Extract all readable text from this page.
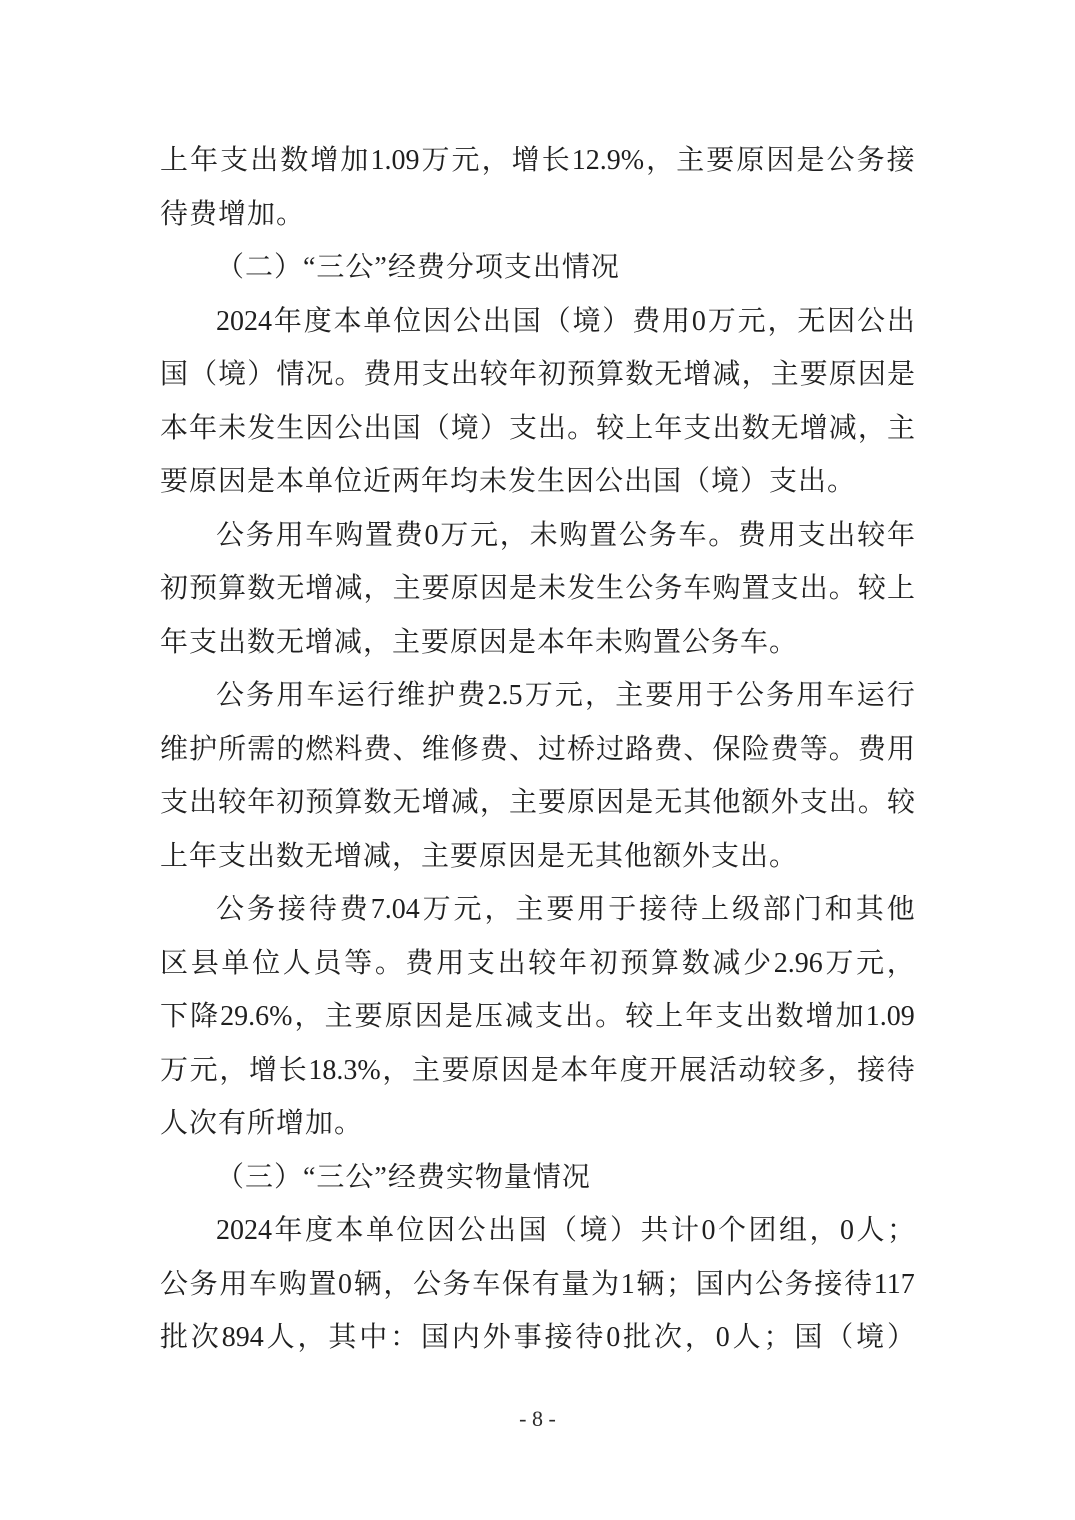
上 年 支 出 数 增 加 1.09 万 元 ， 增 长 12.9% ， 主 要 原 因 是 公 务 接
待费增加。
（二）“三公”经费分项支出情况
2024 年 度 本 单 位 因 公 出 国 （ 境 ） 费 用 0 万 元 ， 无 因 公 出
国 （ 境 ） 情 况 。 费 用 支 出 较 年 初 预 算 数 无 增 减 ， 主 要 原 因 是
本 年 未 发 生 因 公 出 国 （ 境 ） 支 出 。 较 上 年 支 出 数 无 增 减 ， 主
要原因是本单位近两年均未发生因公出国（境）支出。
公 务 用 车 购 置 费 0 万 元 ， 未 购 置 公 务 车 。 费 用 支 出 较 年
初 预 算 数 无 增 减 ， 主 要 原 因 是 未 发 生 公 务 车 购 置 支 出 。 较 上
年支出数无增减，主要原因是本年未购置公务车。
公 务 用 车 运 行 维 护 费 2.5 万 元 ， 主 要 用 于 公 务 用 车 运 行
维 护 所 需 的 燃 料 费 、 维 修 费 、 过 桥 过 路 费 、 保 险 费 等 。 费 用
支 出 较 年 初 预 算 数 无 增 减 ， 主 要 原 因 是 无 其 他 额 外 支 出 。 较
上年支出数无增减，主要原因是无其他额外支出。
公 务 接 待 费 7.04 万 元 ， 主 要 用 于 接 待 上 级 部 门 和 其 他
区 县 单 位 人 员 等 。 费 用 支 出 较 年 初 预 算 数 减 少 2.96 万 元 ，
下 降 29.6% ， 主 要 原 因 是 压 减 支 出 。 较 上 年 支 出 数 增 加 1.09
万 元 ， 增 长 18.3% ， 主 要 原 因 是 本 年 度 开 展 活 动 较 多 ， 接 待
人次有所增加。
（三）“三公”经费实物量情况
2024 年 度 本 单 位 因 公 出 国 （ 境 ） 共 计 0 个 团 组 ， 0 人 ；
公 务 用 车 购 置 0 辆 ， 公 务 车 保 有 量 为 1 辆 ； 国 内 公 务 接 待 117
批 次 894 人 ， 其 中 ： 国 内 外 事 接 待 0 批 次 ， 0 人 ； 国 （ 境 ）
- 8 -
